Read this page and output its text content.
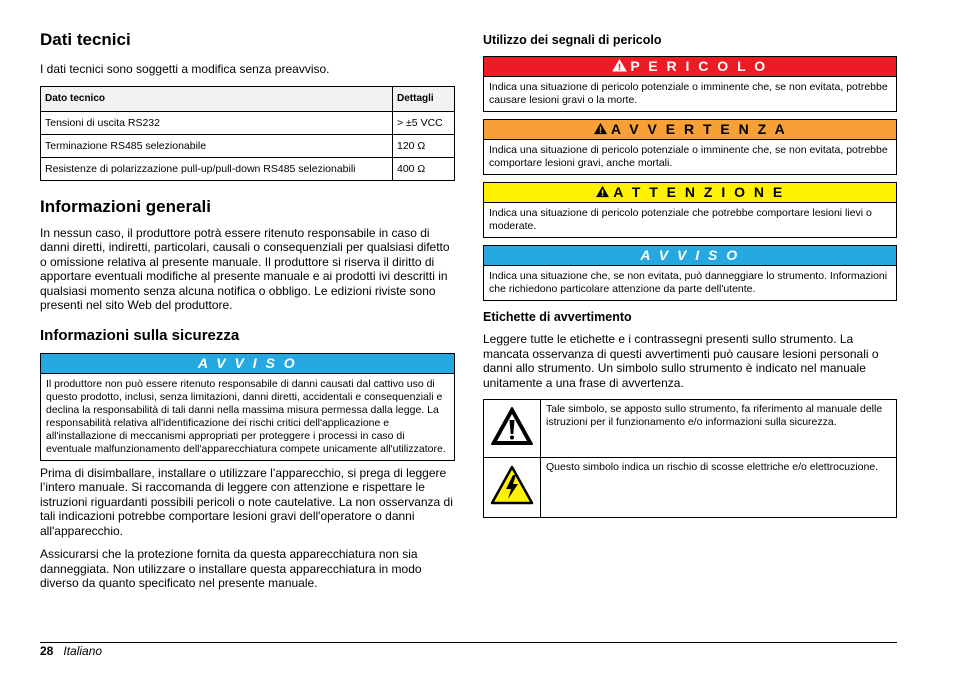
Dati tecnici

I dati tecnici sono soggetti a modifica senza preavviso.

Dato tecnico	Dettagli
Tensioni di uscita RS232	> ±5 VCC
Terminazione RS485 selezionabile	120 Ω
Resistenze di polarizzazione pull-up/pull-down RS485 selezionabili	400 Ω
Informazioni generali

In nessun caso, il produttore potrà essere ritenuto responsabile in caso di danni diretti, indiretti, particolari, causali o consequenziali per qualsiasi difetto o omissione relativa al presente manuale. Il produttore si riserva il diritto di apportare eventuali modifiche al presente manuale e ai prodotti ivi descritti in qualsiasi momento senza alcuna notifica o obbligo. Le edizioni riviste sono presenti nel sito Web del produttore.

Informazioni sulla sicurezza
A V V I S O
Il produttore non può essere ritenuto responsabile di danni causati dal cattivo uso di questo prodotto, inclusi, senza limitazioni, danni diretti, accidentali e consequenziali e declina la responsabilità di tali danni nella massima misura permessa dalla legge. La responsabilità relativa all'identificazione dei rischi critici dell'applicazione e all'installazione di meccanismi appropriati per proteggere i processi in caso di eventuale malfunzionamento dell'apparecchiatura compete unicamente all'utilizzatore.

Prima di disimballare, installare o utilizzare l’apparecchio, si prega di leggere l’intero manuale. Si raccomanda di leggere con attenzione e rispettare le istruzioni riguardanti possibili pericoli o note cautelative. La non osservanza di tali indicazioni potrebbe comportare lesioni gravi dell'operatore o danni all'apparecchio.

Assicurarsi che la protezione fornita da questa apparecchiatura non sia danneggiata. Non utilizzare o installare questa apparecchiatura in modo diverso da quanto specificato nel presente manuale.

Utilizzo dei segnali di pericolo
P E R I C O L O
Indica una situazione di pericolo potenziale o imminente che, se non evitata, potrebbe causare lesioni gravi o la morte.
A V V E R T E N Z A
Indica una situazione di pericolo potenziale o imminente che, se non evitata, potrebbe comportare lesioni gravi, anche mortali.
A T T E N Z I O N E
Indica una situazione di pericolo potenziale che potrebbe comportare lesioni lievi o moderate.
A V V I S O
Indica una situazione che, se non evitata, può danneggiare lo strumento. Informazioni che richiedono particolare attenzione da parte dell'utente.
Etichette di avvertimento

Leggere tutte le etichette e i contrassegni presenti sullo strumento. La mancata osservanza di questi avvertimenti può causare lesioni personali o danni allo strumento. Un simbolo sullo strumento è indicato nel manuale unitamente a una frase di avvertenza.

	Tale simbolo, se apposto sullo strumento, fa riferimento al manuale delle istruzioni per il funzionamento e/o informazioni sulla sicurezza.
	Questo simbolo indica un rischio di scosse elettriche e/o elettrocuzione.
28 Italiano
